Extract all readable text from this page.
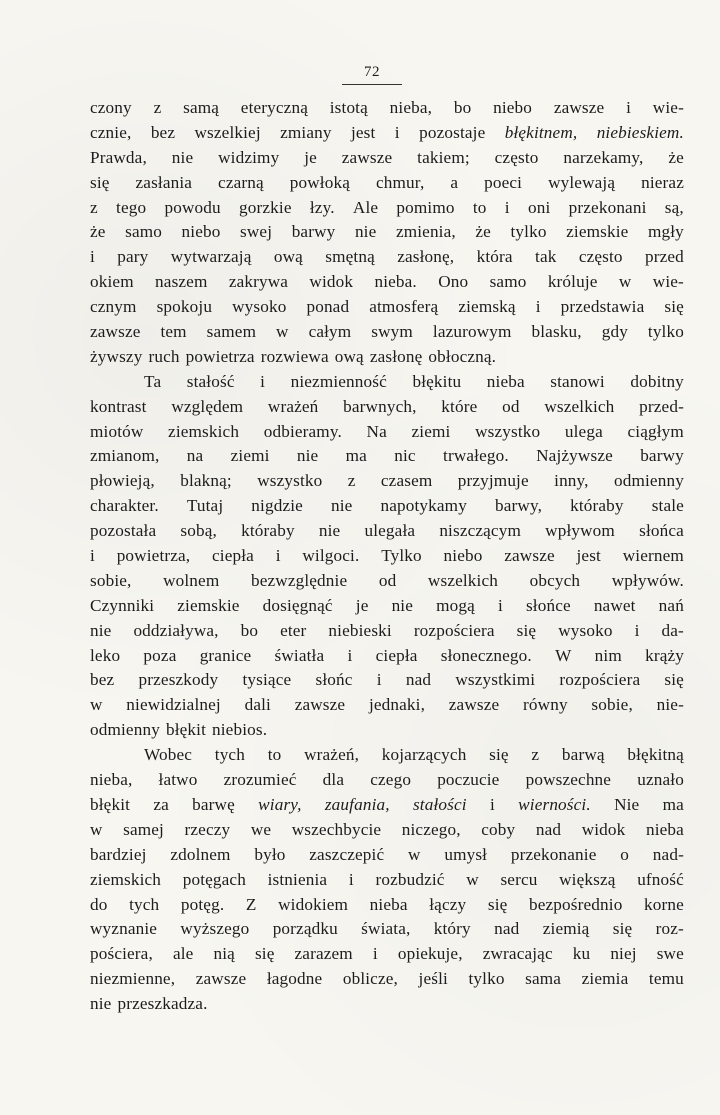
72
czony z samą eteryczną istotą nieba, bo niebo zawsze i wie-
cznie, bez wszelkiej zmiany jest i pozostaje błękitnem, niebieskiem.
Prawda, nie widzimy je zawsze takiem; często narzekamy, że
się zasłania czarną powłoką chmur, a poeci wylewają nieraz
z tego powodu gorzkie łzy. Ale pomimo to i oni przekonani są,
że samo niebo swej barwy nie zmienia, że tylko ziemskie mgły
i pary wytwarzają ową smętną zasłonę, która tak często przed
okiem naszem zakrywa widok nieba. Ono samo króluje w wie-
cznym spokoju wysoko ponad atmosferą ziemską i przedstawia się
zawsze tem samem w całym swym lazurowym blasku, gdy tylko
żywszy ruch powietrza rozwiewa ową zasłonę obłoczną.
Ta stałość i niezmienność błękitu nieba stanowi dobitny
kontrast względem wrażeń barwnych, które od wszelkich przed-
miotów ziemskich odbieramy. Na ziemi wszystko ulega ciągłym
zmianom, na ziemi nie ma nic trwałego. Najżywsze barwy
płowieją, blakną; wszystko z czasem przyjmuje inny, odmienny
charakter. Tutaj nigdzie nie napotykamy barwy, któraby stale
pozostała sobą, któraby nie ulegała niszczącym wpływom słońca
i powietrza, ciepła i wilgoci. Tylko niebo zawsze jest wiernem
sobie, wolnem bezwzględnie od wszelkich obcych wpływów.
Czynniki ziemskie dosięgnąć je nie mogą i słońce nawet nań
nie oddziaływa, bo eter niebieski rozpościera się wysoko i da-
leko poza granice światła i ciepła słonecznego. W nim krąży
bez przeszkody tysiące słońc i nad wszystkimi rozpościera się
w niewidzialnej dali zawsze jednaki, zawsze równy sobie, nie-
odmienny błękit niebios.
Wobec tych to wrażeń, kojarzących się z barwą błękitną
nieba, łatwo zrozumieć dla czego poczucie powszechne uznało
błękit za barwę wiary, zaufania, stałości i wierności. Nie ma
w samej rzeczy we wszechbycie niczego, coby nad widok nieba
bardziej zdolnem było zaszczepić w umysł przekonanie o nad-
ziemskich potęgach istnienia i rozbudzić w sercu większą ufność
do tych potęg. Z widokiem nieba łączy się bezpośrednio korne
wyznanie wyższego porządku świata, który nad ziemią się roz-
pościera, ale nią się zarazem i opiekuje, zwracając ku niej swe
niezmienne, zawsze łagodne oblicze, jeśli tylko sama ziemia temu
nie przeszkadza.
